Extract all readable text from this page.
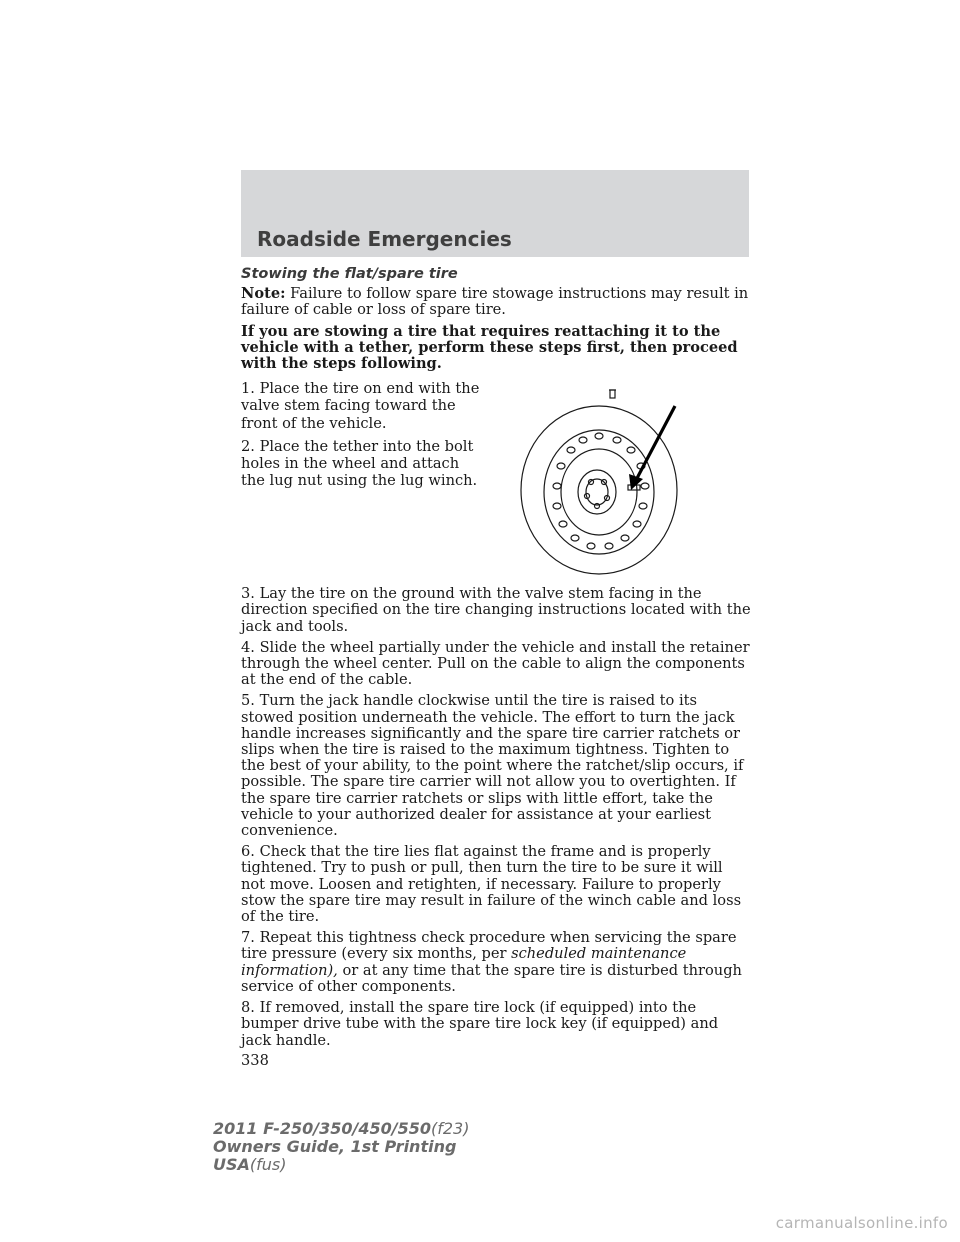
Roadside Emergencies

Stowing the flat/spare tire

Note: Failure to follow spare tire stowage instructions may result in failure of cable or loss of spare tire.

If you are stowing a tire that requires reattaching it to the vehicle with a tether, perform these steps first, then proceed with the steps following.

1. Place the tire on end with the valve stem facing toward the front of the vehicle.

2. Place the tether into the bolt holes in the wheel and attach the lug nut using the lug winch.

3. Lay the tire on the ground with the valve stem facing in the direction specified on the tire changing instructions located with the jack and tools.

4. Slide the wheel partially under the vehicle and install the retainer through the wheel center. Pull on the cable to align the components at the end of the cable.

5. Turn the jack handle clockwise until the tire is raised to its stowed position underneath the vehicle. The effort to turn the jack handle increases significantly and the spare tire carrier ratchets or slips when the tire is raised to the maximum tightness. Tighten to the best of your ability, to the point where the ratchet/slip occurs, if possible. The spare tire carrier will not allow you to overtighten. If the spare tire carrier ratchets or slips with little effort, take the vehicle to your authorized dealer for assistance at your earliest convenience.

6. Check that the tire lies flat against the frame and is properly tightened. Try to push or pull, then turn the tire to be sure it will not move. Loosen and retighten, if necessary. Failure to properly stow the spare tire may result in failure of the winch cable and loss of the tire.

7. Repeat this tightness check procedure when servicing the spare tire pressure (every six months, per scheduled maintenance information), or at any time that the spare tire is disturbed through service of other components.

8. If removed, install the spare tire lock (if equipped) into the bumper drive tube with the spare tire lock key (if equipped) and jack handle.

338

2011 F-250/350/450/550(f23)
Owners Guide, 1st Printing
USA(fus)
carmanualsonline.info
